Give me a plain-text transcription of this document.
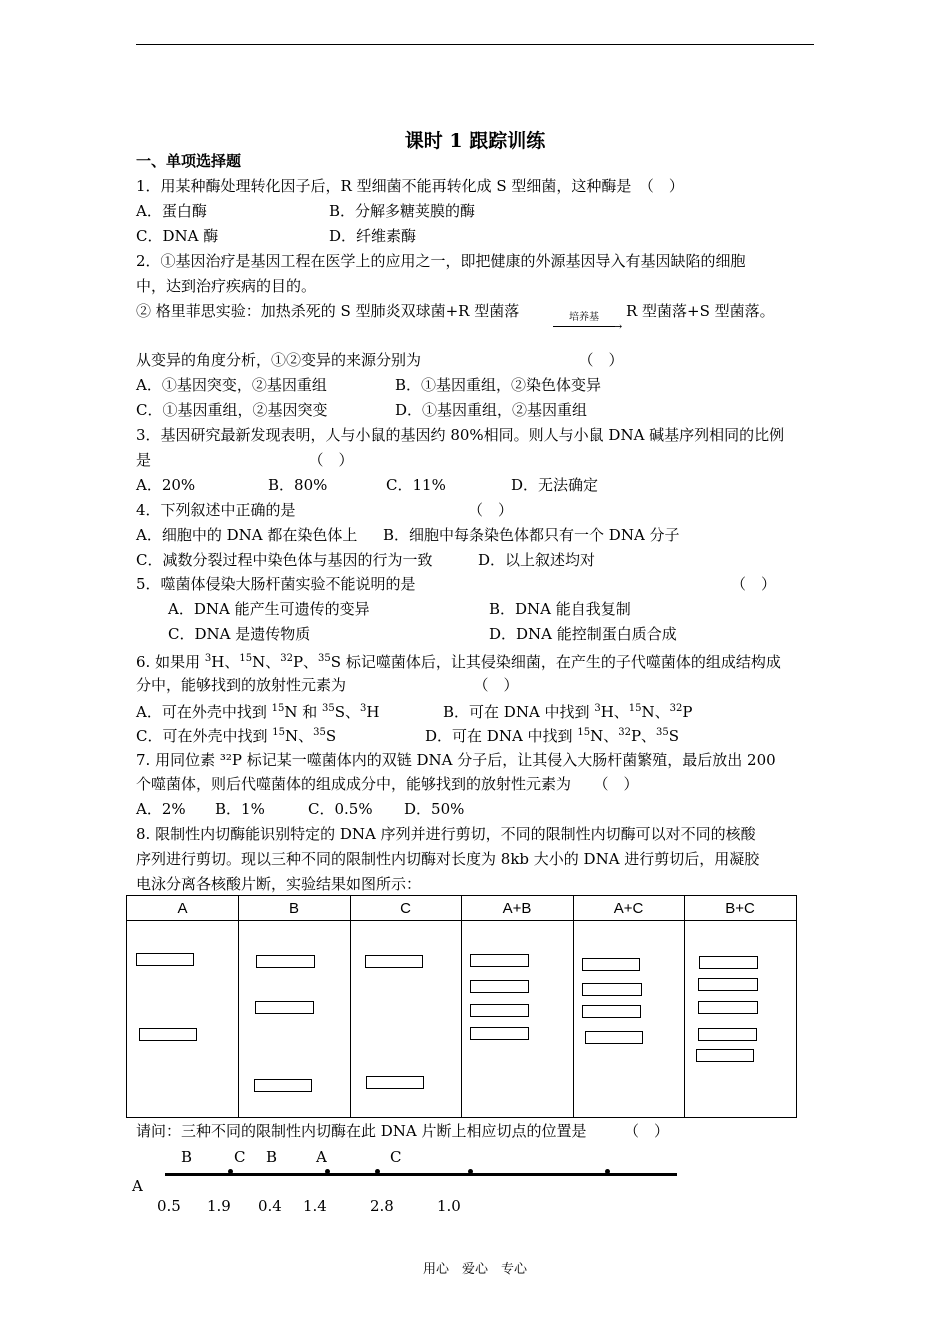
课时 1 跟踪训练
一、单项选择题
1．用某种酶处理转化因子后，R 型细菌不能再转化成 S 型细菌，这种酶是　（　）
A．蛋白酶	B．分解多糖荚膜的酶
C．DNA 酶	D．纤维素酶
2．①基因治疗是基因工程在医学上的应用之一，即把健康的外源基因导入有基因缺陷的细胞
中，达到治疗疾病的目的。
② 格里菲思实验：加热杀死的 S 型肺炎双球菌+R 型菌落	培养基
→
R 型菌落+S 型菌落。
从变异的角度分析，①②变异的来源分别为　　　　　　　　　　　（　）
A．①基因突变，②基因重组	B．①基因重组，②染色体变异
C．①基因重组，②基因突变	D．①基因重组，②基因重组
3．基因研究最新发现表明，人与小鼠的基因约 80%相同。则人与小鼠 DNA 碱基序列相同的比例
是　　　　　　　　　　　（　）
A．20%	B．80%	C．11%	D．无法确定
4．下列叙述中正确的是　　　　　　　　　　　　（　）
A．细胞中的 DNA 都在染色体上 B．细胞中每条染色体都只有一个 DNA 分子
C．减数分裂过程中染色体与基因的行为一致	D．以上叙述均对
5．噬菌体侵染大肠杆菌实验不能说明的是	（　）
A．DNA 能产生可遗传的变异	B．DNA 能自我复制
C．DNA 是遗传物质	D．DNA 能控制蛋白质合成
6. 如果用 $^3$H、$^{15}$N、$^{32}$P、$^{35}$S 标记噬菌体后，让其侵染细菌，在产生的子代噬菌体的组成结构成
分中，能够找到的放射性元素为　　　　　　　　　（　）
A．可在外壳中找到 $^{15}$N 和 $^{35}$S、$^3$H	B．可在 DNA 中找到 $^3$H、$^{15}$N、$^{32}$P
C．可在外壳中找到 $^{15}$N、$^{35}$S	D．可在 DNA 中找到 $^{15}$N、$^{32}$P、$^{35}$S
7. 用同位素 ³²P 标记某一噬菌体内的双链 DNA 分子后，让其侵入大肠杆菌繁殖，最后放出 200
个噬菌体，则后代噬菌体的组成成分中，能够找到的放射性元素为　　（　）
A．2% B．1%	C．0.5% D．50%
8. 限制性内切酶能识别特定的 DNA 序列并进行剪切，不同的限制性内切酶可以对不同的核酸
序列进行剪切。现以三种不同的限制性内切酶对长度为 8kb 大小的 DNA 进行剪切后，用凝胶
电泳分离各核酸片断，实验结果如图所示：
A	B	C	A+B	A+C	B+C
请问：三种不同的限制性内切酶在此 DNA 片断上相应切点的位置是　　　（　）
B	C B	A	C
A
0.5 1.9 0.4 1.4	2.8	1.0
用心　爱心　专心
